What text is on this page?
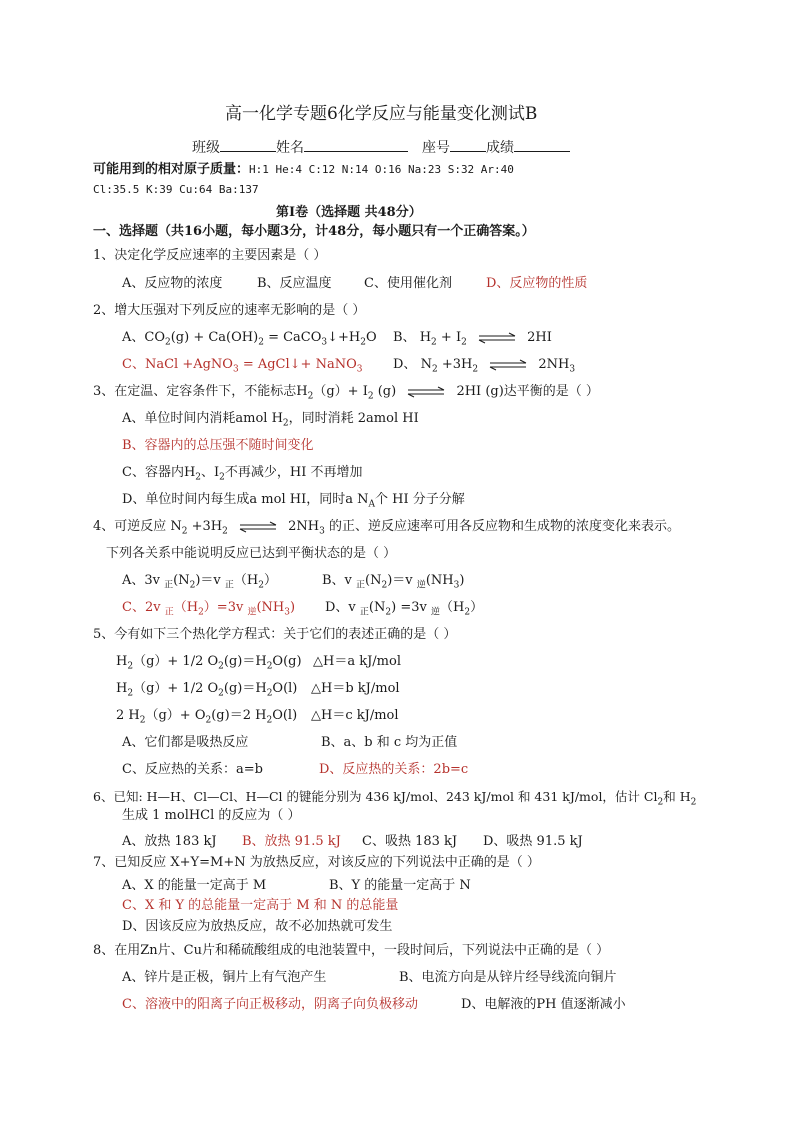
高一化学专题6化学反应与能量变化测试B
班级	姓名	座号	成绩
可能用到的相对原子质量：H:1 He:4 C:12 N:14 O:16 Na:23 S:32 Ar:40
Cl:35.5 K:39 Cu:64 Ba:137
第Ⅰ卷（选择题 共48分）
一、选择题（共16小题，每小题3分，计48分，每小题只有一个正确答案。）
1、决定化学反应速率的主要因素是（ ）
A、反应物的浓度	B、反应温度 C、使用催化剂	D、反应物的性质
2、增大压强对下列反应的速率无影响的是（ ）
A、$CO_2(g) + Ca(OH)_2$ = $CaCO_3↓+H_2O$ B、 $H_2 + I_2$ ⇌ 2HI
C、NaCl +AgNO$_3$ = AgCl↓+ NaNO$_3$ D、 $N_2 +3H_2$ ⇌ $2NH_3$
3、在定温、定容条件下，不能标志$H_2(g)+ I_2$ (g) ⇌ 2HI (g)达平衡的是（ ）
A、单位时间内消耗amol $H_2$，同时消耗 2amol HI
B、容器内的总压强不随时间变化
C、容器内$H_2$、$I_2$不再减少，HI 不再增加
D、单位时间内每生成a mol HI，同时a $N_A$个 HI 分子分解
4、可逆反应 $N_2 +3H_2$ ⇌ $2NH_3$ 的正、逆反应速率可用各反应物和生成物的浓度变化来表示。
下列各关系中能说明反应已达到平衡状态的是（ ）
A、3v $_正(N_2)=v$ $_正(H_2)$	B、v $_正(N_2)=v$ $_逆(NH_3)$
C、2v $_正(H_2)=3v$ $_逆(NH_3)$ D、v $_正(N_2) =3v$ $_逆(H_2)$
5、今有如下三个热化学方程式：关于它们的表述正确的是（ ）
$H_2(g)+ 1/2$ $O_2(g)=H_2O(g)$ △H＝a kJ/mol
$H_2(g)+ 1/2$ $O_2(g)=H_2O(l)$ △H＝b kJ/mol
2 $H_2(g)+ O_2(g)=2$ $H_2O(l)$ △H＝c kJ/mol
A、它们都是吸热反应	B、a、b 和 c 均为正值
C、反应热的关系：a=b	D、反应热的关系：2b=c
6、已知: H—H、Cl—Cl、H—Cl 的键能分别为 436 kJ/mol、243 kJ/mol 和 431 kJ/mol，估计 $Cl_2$和 $H_2$
生成 1 molHCl 的反应为（ ）
A、放热 183 kJ B、放热 91.5 kJ C、吸热 183 kJ D、吸热 91.5 kJ
7、已知反应 X+Y=M+N 为放热反应，对该反应的下列说法中正确的是（ ）
A、X 的能量一定高于 M	B、Y 的能量一定高于 N
C、X 和 Y 的总能量一定高于 M 和 N 的总能量
D、因该反应为放热反应，故不必加热就可发生
8、在用Zn片、Cu片和稀硫酸组成的电池装置中，一段时间后，下列说法中正确的是（ ）
A、锌片是正极，铜片上有气泡产生	B、电流方向是从锌片经导线流向铜片
C、溶液中的阳离子向正极移动，阴离子向负极移动	D、电解液的PH 值逐渐减小
